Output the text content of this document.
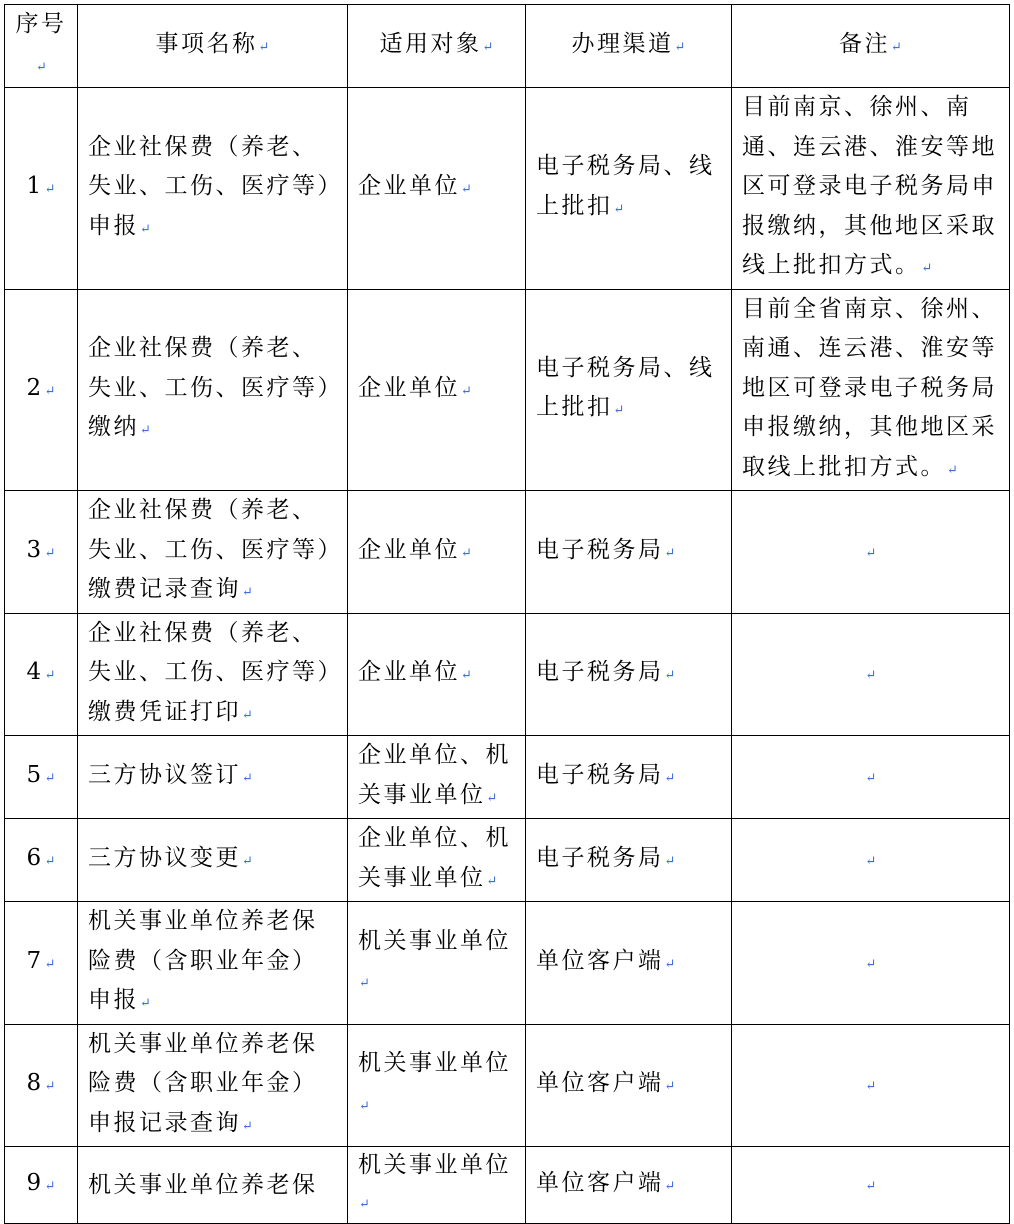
序号↵	事项名称↵	适用对象↵	办理渠道↵	备注↵
1↵	企业社保费（养老、失业、工伤、医疗等）申报↵	企业单位↵	电子税务局、线上批扣↵	目前南京、徐州、南通、连云港、淮安等地区可登录电子税务局申报缴纳，其他地区采取线上批扣方式。↵
2↵	企业社保费（养老、失业、工伤、医疗等）缴纳↵	企业单位↵	电子税务局、线上批扣↵	目前全省南京、徐州、南通、连云港、淮安等地区可登录电子税务局申报缴纳，其他地区采取线上批扣方式。↵
3↵	企业社保费（养老、失业、工伤、医疗等）缴费记录查询↵	企业单位↵	电子税务局↵	↵
4↵	企业社保费（养老、失业、工伤、医疗等）缴费凭证打印↵	企业单位↵	电子税务局↵	↵
5↵	三方协议签订↵	企业单位、机关事业单位↵	电子税务局↵	↵
6↵	三方协议变更↵	企业单位、机关事业单位↵	电子税务局↵	↵
7↵	机关事业单位养老保险费（含职业年金）申报↵	机关事业单位↵	单位客户端↵	↵
8↵	机关事业单位养老保险费（含职业年金）申报记录查询↵	机关事业单位↵	单位客户端↵	↵
9↵	机关事业单位养老保	机关事业单位↵	单位客户端↵	↵
